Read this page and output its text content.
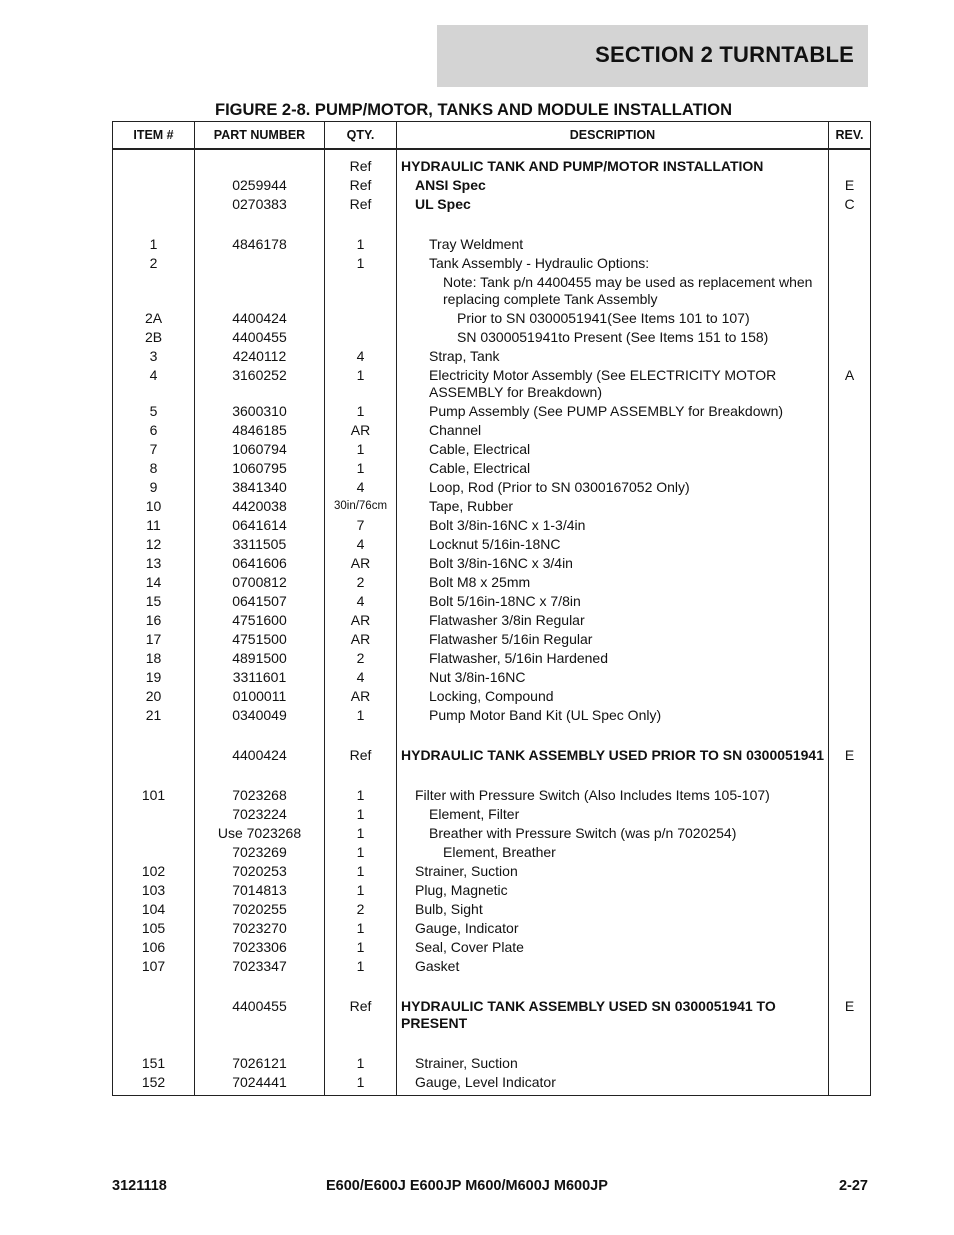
SECTION 2 TURNTABLE
FIGURE 2-8. PUMP/MOTOR, TANKS AND MODULE INSTALLATION
ITEM #	PART NUMBER	QTY.	DESCRIPTION	REV.
		Ref	HYDRAULIC TANK AND PUMP/MOTOR INSTALLATION	

	0259944	Ref	ANSI Spec	E
	0270383	Ref	UL Spec	C

1	4846178	1	Tray Weldment	

2		1	Tank Assembly - Hydraulic Options:	

			Note: Tank p/n 4400455 may be used as replacement when replacing complete Tank Assembly	

2A	4400424		Prior to SN 0300051941(See Items 101 to 107)	

2B	4400455		SN 0300051941to Present (See Items 151 to 158)	

3	4240112	4	Strap, Tank	

4	3160252	1	Electricity Motor Assembly (See ELECTRICITY MOTOR ASSEMBLY for Breakdown)	A
5	3600310	1	Pump Assembly (See PUMP ASSEMBLY for Breakdown)	

6	4846185	AR	Channel	

7	1060794	1	Cable, Electrical	

8	1060795	1	Cable, Electrical	

9	3841340	4	Loop, Rod (Prior to SN 0300167052 Only)	

10	4420038	30in/76cm	Tape, Rubber	

11	0641614	7	Bolt 3/8in-16NC x 1-3/4in	

12	3311505	4	Locknut 5/16in-18NC	

13	0641606	AR	Bolt 3/8in-16NC x 3/4in	

14	0700812	2	Bolt M8 x 25mm	

15	0641507	4	Bolt 5/16in-18NC x 7/8in	

16	4751600	AR	Flatwasher 3/8in Regular	

17	4751500	AR	Flatwasher 5/16in Regular	

18	4891500	2	Flatwasher, 5/16in Hardened	

19	3311601	4	Nut 3/8in-16NC	

20	0100011	AR	Locking, Compound	

21	0340049	1	Pump Motor Band Kit (UL Spec Only)	

	4400424	Ref	HYDRAULIC TANK ASSEMBLY USED PRIOR TO SN 0300051941	E

101	7023268	1	Filter with Pressure Switch (Also Includes Items 105-107)	

	7023224	1	Element, Filter	

	Use 7023268	1	Breather with Pressure Switch (was p/n 7020254)	

	7023269	1	Element, Breather	

102	7020253	1	Strainer, Suction	

103	7014813	1	Plug, Magnetic	

104	7020255	2	Bulb, Sight	

105	7023270	1	Gauge, Indicator	

106	7023306	1	Seal, Cover Plate	

107	7023347	1	Gasket	

	4400455	Ref	HYDRAULIC TANK ASSEMBLY USED SN 0300051941 TO PRESENT	E

151	7026121	1	Strainer, Suction	

152	7024441	1	Gauge, Level Indicator	

3121118	E600/E600J E600JP M600/M600J M600JP	2-27
